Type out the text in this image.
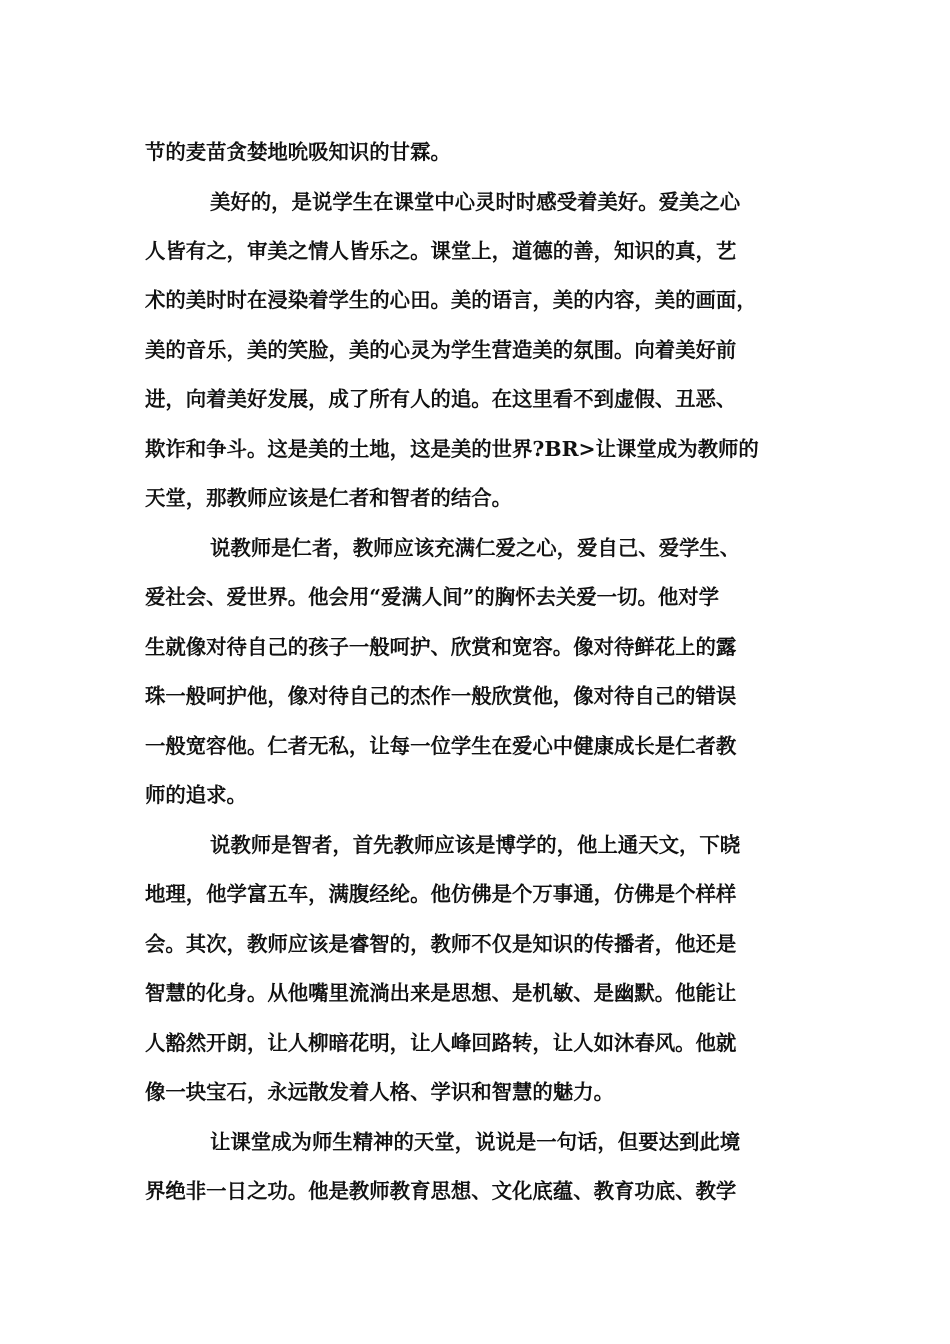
节的麦苗贪婪地吮吸知识的甘霖。
美好的，是说学生在课堂中心灵时时感受着美好。爱美之心
人皆有之，审美之情人皆乐之。课堂上，道德的善，知识的真，艺
术的美时时在浸染着学生的心田。美的语言，美的内容，美的画面，
美的音乐，美的笑脸，美的心灵为学生营造美的氛围。向着美好前
进，向着美好发展，成了所有人的追。在这里看不到虚假、丑恶、
欺诈和争斗。这是美的土地，这是美的世界?BR>让课堂成为教师的
天堂，那教师应该是仁者和智者的结合。
说教师是仁者，教师应该充满仁爱之心，爱自己、爱学生、
爱社会、爱世界。他会用“爱满人间”的胸怀去关爱一切。他对学
生就像对待自己的孩子一般呵护、欣赏和宽容。像对待鲜花上的露
珠一般呵护他，像对待自己的杰作一般欣赏他，像对待自己的错误
一般宽容他。仁者无私，让每一位学生在爱心中健康成长是仁者教
师的追求。
说教师是智者，首先教师应该是博学的，他上通天文，下晓
地理，他学富五车，满腹经纶。他仿佛是个万事通，仿佛是个样样
会。其次，教师应该是睿智的，教师不仅是知识的传播者，他还是
智慧的化身。从他嘴里流淌出来是思想、是机敏、是幽默。他能让
人豁然开朗，让人柳暗花明，让人峰回路转，让人如沐春风。他就
像一块宝石，永远散发着人格、学识和智慧的魅力。
让课堂成为师生精神的天堂，说说是一句话，但要达到此境
界绝非一日之功。他是教师教育思想、文化底蕴、教育功底、教学
